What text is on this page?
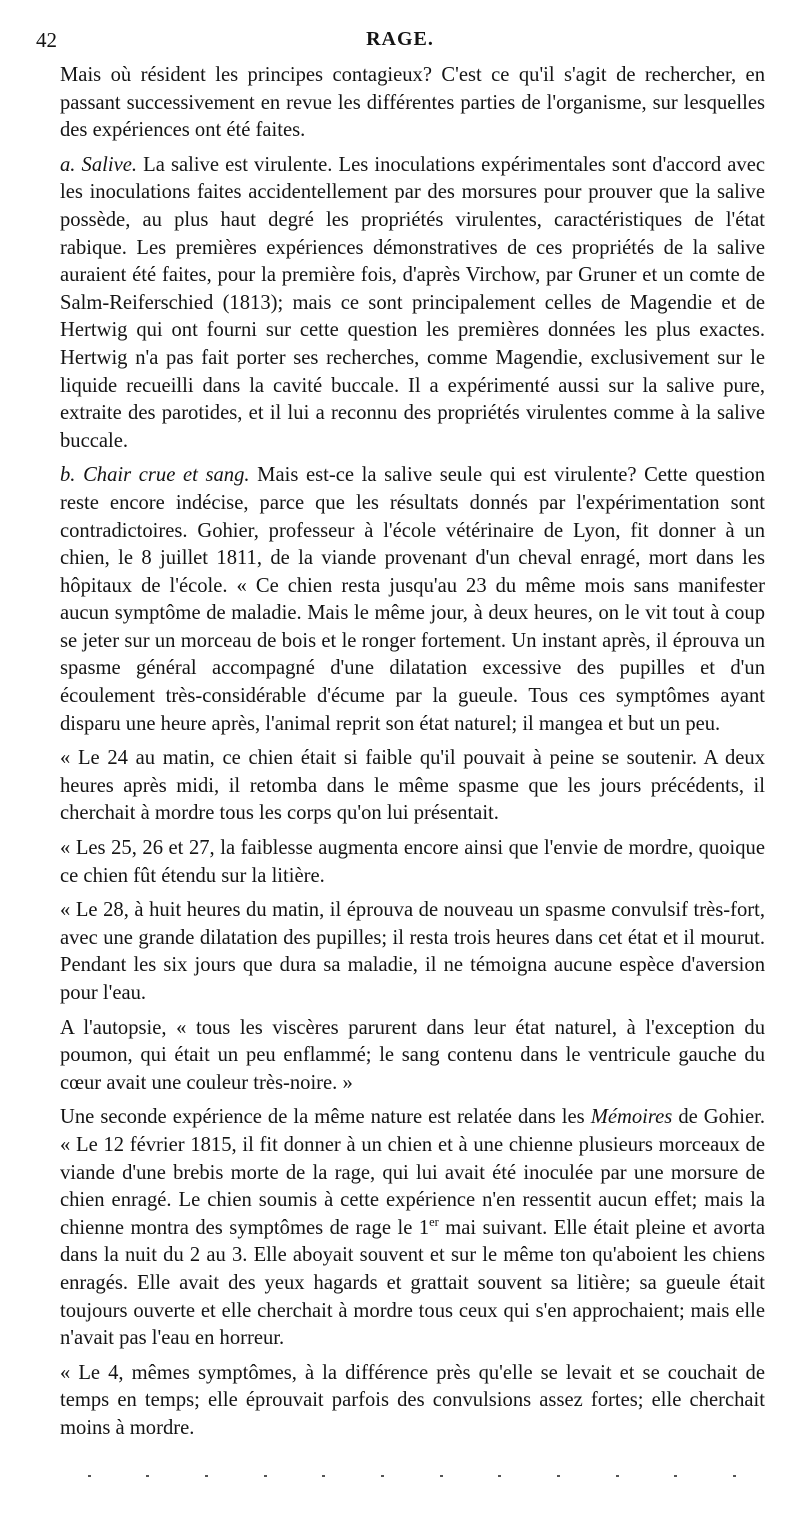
42	RAGE.

Mais où résident les principes contagieux? C'est ce qu'il s'agit de rechercher, en passant successivement en revue les différentes parties de l'organisme, sur lesquelles des expériences ont été faites.

a. Salive. La salive est virulente. Les inoculations expérimentales sont d'accord avec les inoculations faites accidentellement par des morsures pour prouver que la salive possède, au plus haut degré les propriétés virulentes, caractéristiques de l'état rabique. Les premières expériences démonstratives de ces propriétés de la salive auraient été faites, pour la première fois, d'après Virchow, par Gruner et un comte de Salm-Reiferschied (1813); mais ce sont principalement celles de Magendie et de Hertwig qui ont fourni sur cette question les premières données les plus exactes. Hertwig n'a pas fait porter ses recherches, comme Magendie, exclusivement sur le liquide recueilli dans la cavité buccale. Il a expérimenté aussi sur la salive pure, extraite des parotides, et il lui a reconnu des propriétés virulentes comme à la salive buccale.

b. Chair crue et sang. Mais est-ce la salive seule qui est virulente? Cette question reste encore indécise, parce que les résultats donnés par l'expérimentation sont contradictoires. Gohier, professeur à l'école vétérinaire de Lyon, fit donner à un chien, le 8 juillet 1811, de la viande provenant d'un cheval enragé, mort dans les hôpitaux de l'école. « Ce chien resta jusqu'au 23 du même mois sans manifester aucun symptôme de maladie. Mais le même jour, à deux heures, on le vit tout à coup se jeter sur un morceau de bois et le ronger fortement. Un instant après, il éprouva un spasme général accompagné d'une dilatation excessive des pupilles et d'un écoulement très-considérable d'écume par la gueule. Tous ces symptômes ayant disparu une heure après, l'animal reprit son état naturel; il mangea et but un peu.

« Le 24 au matin, ce chien était si faible qu'il pouvait à peine se soutenir. A deux heures après midi, il retomba dans le même spasme que les jours précédents, il cherchait à mordre tous les corps qu'on lui présentait.

« Les 25, 26 et 27, la faiblesse augmenta encore ainsi que l'envie de mordre, quoique ce chien fût étendu sur la litière.

« Le 28, à huit heures du matin, il éprouva de nouveau un spasme convulsif très-fort, avec une grande dilatation des pupilles; il resta trois heures dans cet état et il mourut. Pendant les six jours que dura sa maladie, il ne témoigna aucune espèce d'aversion pour l'eau.

A l'autopsie, « tous les viscères parurent dans leur état naturel, à l'exception du poumon, qui était un peu enflammé; le sang contenu dans le ventricule gauche du cœur avait une couleur très-noire. »

Une seconde expérience de la même nature est relatée dans les Mémoires de Gohier. « Le 12 février 1815, il fit donner à un chien et à une chienne plusieurs morceaux de viande d'une brebis morte de la rage, qui lui avait été inoculée par une morsure de chien enragé. Le chien soumis à cette expérience n'en ressentit aucun effet; mais la chienne montra des symptômes de rage le 1er mai suivant. Elle était pleine et avorta dans la nuit du 2 au 3. Elle aboyait souvent et sur le même ton qu'aboient les chiens enragés. Elle avait des yeux hagards et grattait souvent sa litière; sa gueule était toujours ouverte et elle cherchait à mordre tous ceux qui s'en approchaient; mais elle n'avait pas l'eau en horreur.

« Le 4, mêmes symptômes, à la différence près qu'elle se levait et se couchait de temps en temps; elle éprouvait parfois des convulsions assez fortes; elle cherchait moins à mordre.
